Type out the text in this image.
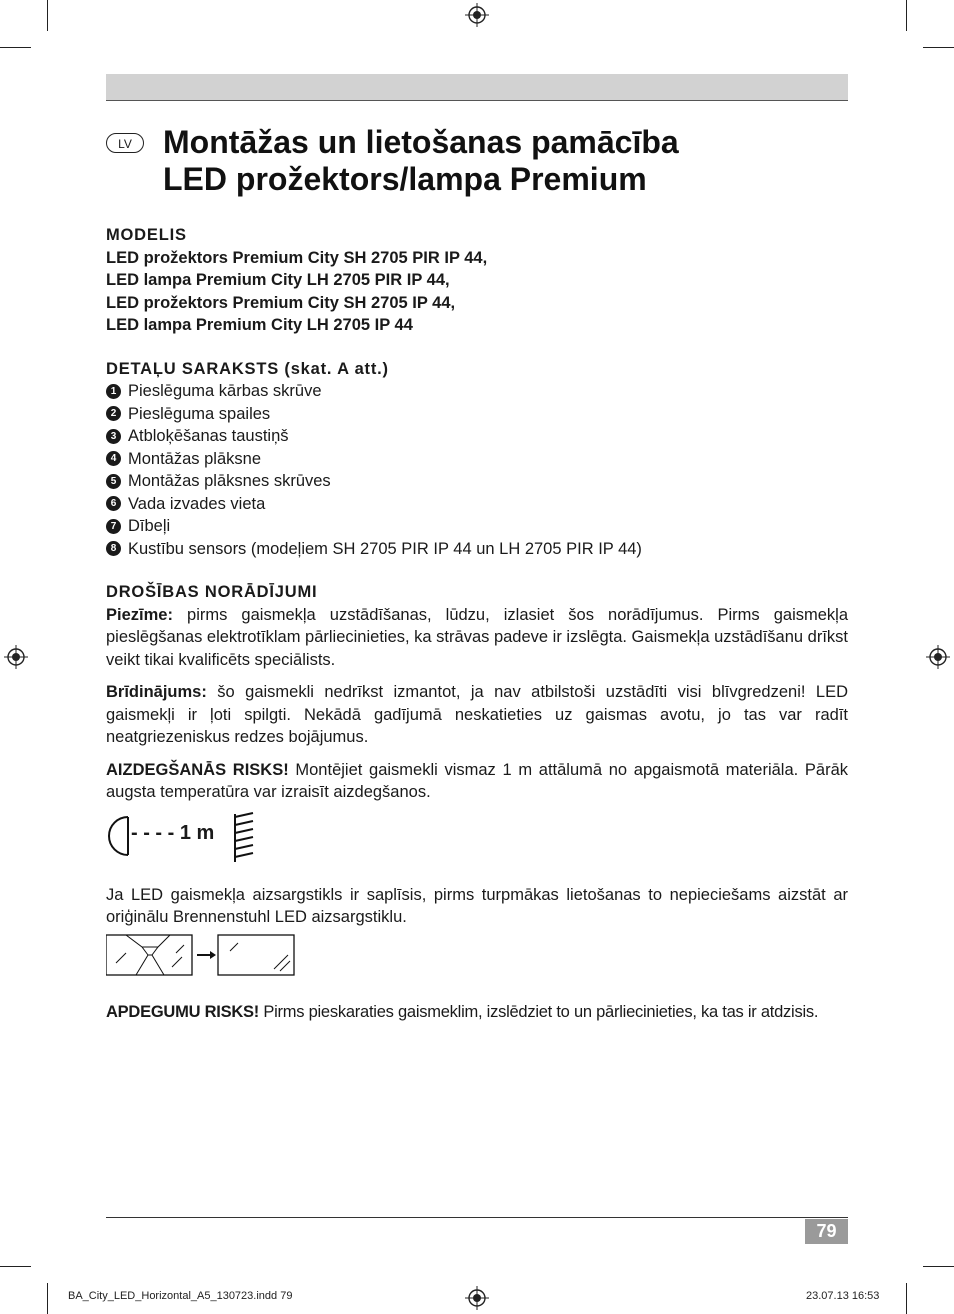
LV Montāžas un lietošanas pamācība
LED prožektors/lampa Premium
MODELIS
LED prožektors Premium City SH 2705 PIR IP 44,
LED lampa Premium City LH 2705 PIR IP 44,
LED prožektors Premium City SH 2705 IP 44,
LED lampa Premium City LH 2705 IP 44
DETAĻU SARAKSTS (skat. A att.)
1 Pieslēguma kārbas skrūve
2 Pieslēguma spailes
3 Atbloķēšanas taustiņš
4 Montāžas plāksne
5 Montāžas plāksnes skrūves
6 Vada izvades vieta
7 Dībeļi
8 Kustību sensors (modeļiem SH 2705 PIR IP 44 un LH 2705 PIR IP 44)
DROŠĪBAS NORĀDĪJUMI

Piezīme: pirms gaismekļa uzstādīšanas, lūdzu, izlasiet šos norādījumus. Pirms gaismekļa pieslēgšanas elektrotīklam pārliecinieties, ka strāvas padeve ir izslēgta. Gaismekļa uzstādīšanu drīkst veikt tikai kvalificēts speciālists.

Brīdinājums: šo gaismekli nedrīkst izmantot, ja nav atbilstoši uzstādīti visi blīvgredzeni! LED gaismekļi ir ļoti spilgti. Nekādā gadījumā neskatieties uz gaismas avotu, jo tas var radīt neatgriezeniskus redzes bojājumus.

AIZDEGŠANĀS RISKS! Montējiet gaismekli vismaz 1 m attālumā no apgaismotā materiāla. Pārāk augsta temperatūra var izraisīt aizdegšanos.

- - - - 1 m

Ja LED gaismekļa aizsargstikls ir saplīsis, pirms turpmākas lietošanas to nepieciešams aizstāt ar oriģinālu Brennenstuhl LED aizsargstiklu.

APDEGUMU RISKS! Pirms pieskaraties gaismeklim, izslēdziet to un pārliecinieties, ka tas ir atdzisis.

79
BA_City_LED_Horizontal_A5_130723.indd 79	23.07.13 16:53
